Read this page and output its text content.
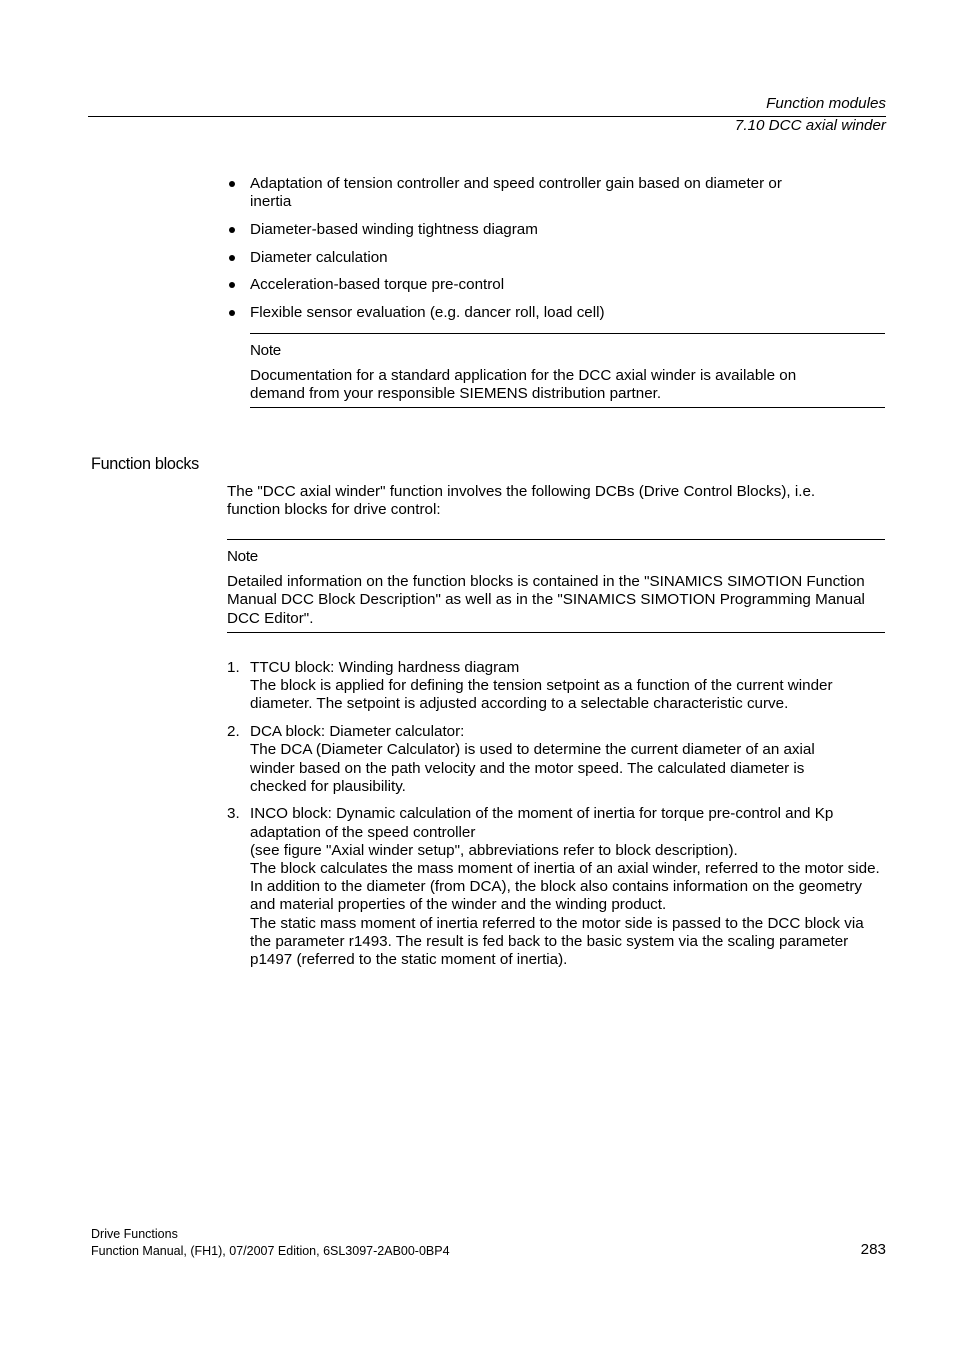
Function modules
7.10 DCC axial winder
Adaptation of tension controller and speed controller gain based on diameter or inertia
Diameter-based winding tightness diagram
Diameter calculation
Acceleration-based torque pre-control
Flexible sensor evaluation (e.g. dancer roll, load cell)
Note
Documentation for a standard application for the DCC axial winder is available on demand from your responsible SIEMENS distribution partner.
Function blocks
The "DCC axial winder" function involves the following DCBs (Drive Control Blocks), i.e. function blocks for drive control:
Note
Detailed information on the function blocks is contained in the "SINAMICS SIMOTION Function Manual DCC Block Description" as well as in the "SINAMICS SIMOTION Programming Manual DCC Editor".
1. TTCU block: Winding hardness diagram
The block is applied for defining the tension setpoint as a function of the current winder diameter. The setpoint is adjusted according to a selectable characteristic curve.
2. DCA block: Diameter calculator:
The DCA (Diameter Calculator) is used to determine the current diameter of an axial winder based on the path velocity and the motor speed. The calculated diameter is checked for plausibility.
3. INCO block: Dynamic calculation of the moment of inertia for torque pre-control and Kp adaptation of the speed controller
(see figure "Axial winder setup", abbreviations refer to block description).
The block calculates the mass moment of inertia of an axial winder, referred to the motor side. In addition to the diameter (from DCA), the block also contains information on the geometry and material properties of the winder and the winding product.
The static mass moment of inertia referred to the motor side is passed to the DCC block via the parameter r1493. The result is fed back to the basic system via the scaling parameter p1497 (referred to the static moment of inertia).
Drive Functions
Function Manual, (FH1), 07/2007 Edition, 6SL3097-2AB00-0BP4	283
